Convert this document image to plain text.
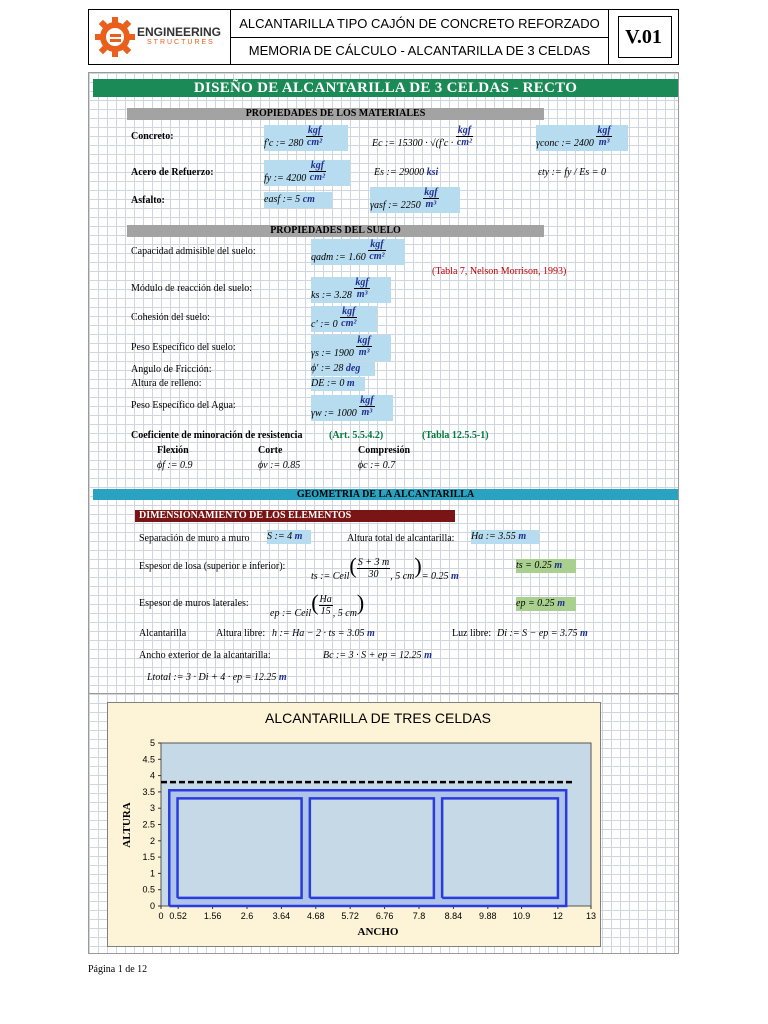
ENGINEERING
STRUCTURES
ALCANTARILLA TIPO CAJÓN DE CONCRETO REFORZADO
MEMORIA DE CÁLCULO - ALCANTARILLA DE 3 CELDAS
V.01
DISEÑO DE ALCANTARILLA DE 3 CELDAS - RECTO
PROPIEDADES DE LOS MATERIALES
Concreto:
f'c := $280 \frac{\text{kgf}}{\text{cm²}}$	Ec := $15300 \cdot √(f'c \cdot \frac{\text{kgf}}{\text{cm²}}$	γconc := $2400 \frac{\text{kgf}}{\text{m³}}$
Acero de Refuerzo:
fy := $4200 \frac{\text{kgf}}{\text{cm²}}$	Es := 29000 ksi	εty := fy / Es = 0
Asfalto:	easf := 5 cm
γasf := $2250 \frac{\text{kgf}}{\text{m³}}$
PROPIEDADES DEL SUELO
Capacidad admisible del suelo:
qadm := $1.60 \frac{\text{kgf}}{\text{cm²}}$
(Tabla 7, Nelson Morrison, 1993)
Módulo de reacción del suelo:
ks := $3.28 \frac{\text{kgf}}{\text{m³}}$
Cohesión del suelo:
c' := $0 \frac{\text{kgf}}{\text{cm²}}$
Peso Específico del suelo:
γs := $1900 \frac{\text{kgf}}{\text{m³}}$
Angulo de Fricción:	ϕ' := 28 deg
Altura de relleno:	DE := 0 m
Peso Específico del Agua:
γw := $1000 \frac{\text{kgf}}{\text{m³}}$
Coeficiente de minoración de resistencia	(Art. 5.5.4.2)	(Tabla 12.5.5-1)
Flexión	Corte	Compresión
ϕf := 0.9	ϕv := 0.85	ϕc := 0.7
GEOMETRIA DE LA ALCANTARILLA
DIMENSIONAMIENTO DE LOS ELEMENTOS
Separación de muro a muro S := 4 m	Altura total de alcantarilla: Ha := 3.55 m
Espesor de losa (superior e inferior):
ts := Ceil( $\frac{S + 3 m}{30}$ , 5 cm)= 0.25 m
ts = 0.25 m
Espesor de muros laterales:
ep := Ceil( $\frac{Ha}{15}$ , 5 cm)	ep = 0.25 m
Alcantarilla	Altura libre: h := Ha − 2 · ts = 3.05 m	Luz libre: Di := S − ep = 3.75 m
Ancho exterior de la alcantarilla:	Bc := 3 · S + ep = 12.25 m
Ltotal := 3 · Di + 4 · ep = 12.25 m
ALCANTARILLA DE TRES CELDAS
ANCHO
ALTURA
0
0.5
1
1.5
2
2.5
3
3.5
4
4.5
5
0 0.52 1.56 2.6 3.64 4.68 5.72 6.76 7.8 8.84 9.88 10.9	12	13
Página 1 de 12
